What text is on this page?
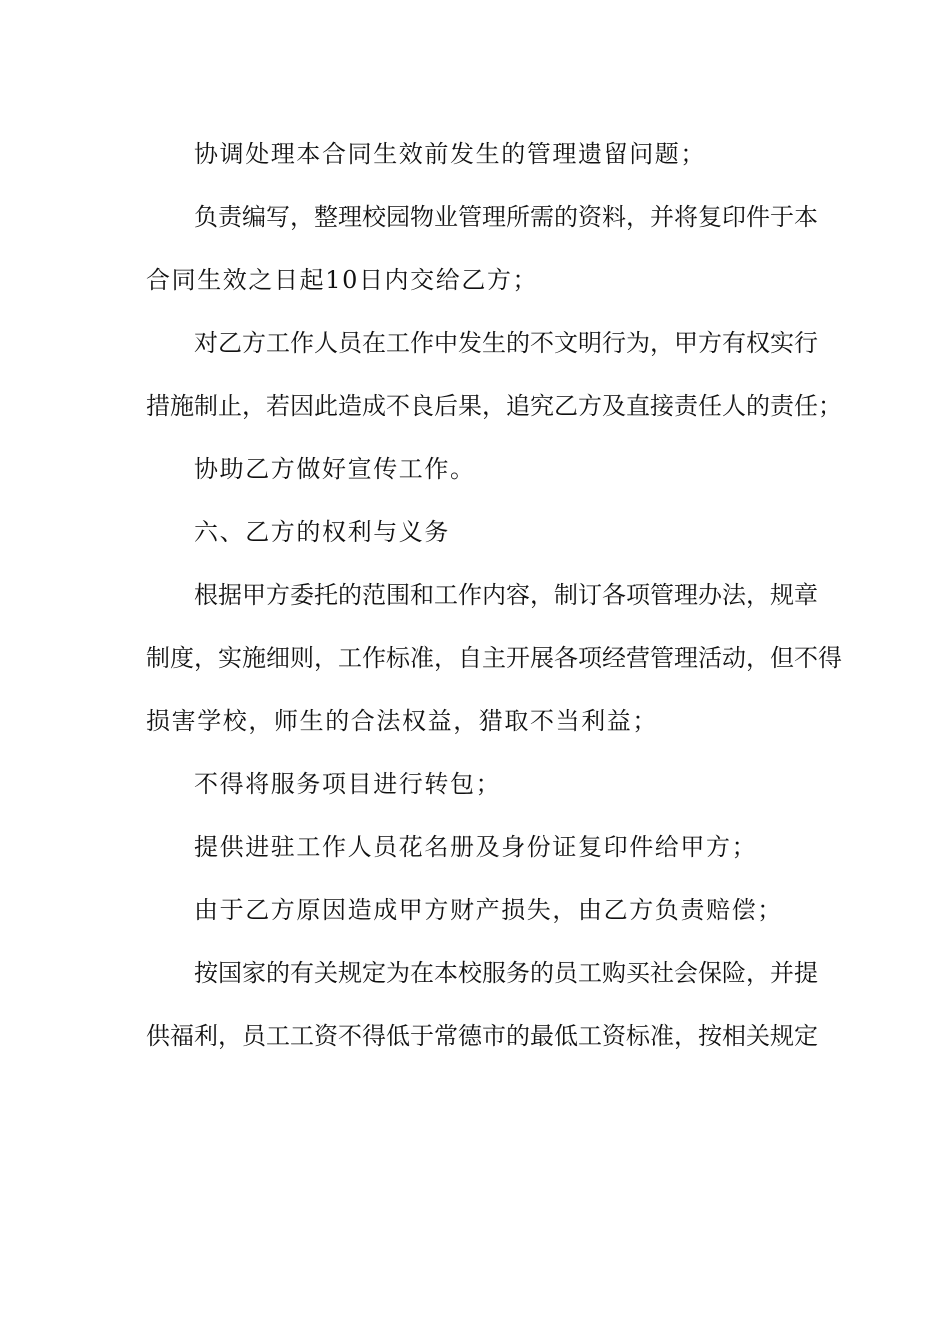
协调处理本合同生效前发生的管理遗留问题；
负责编写，整理校园物业管理所需的资料，并将复印件于本
合同生效之日起10日内交给乙方；
对乙方工作人员在工作中发生的不文明行为，甲方有权实行
措施制止，若因此造成不良后果，追究乙方及直接责任人的责任；
协助乙方做好宣传工作。
六、乙方的权利与义务
根据甲方委托的范围和工作内容，制订各项管理办法，规章
制度，实施细则，工作标准，自主开展各项经营管理活动，但不得
损害学校，师生的合法权益，猎取不当利益；
不得将服务项目进行转包；
提供进驻工作人员花名册及身份证复印件给甲方；
由于乙方原因造成甲方财产损失，由乙方负责赔偿；
按国家的有关规定为在本校服务的员工购买社会保险，并提
供福利，员工工资不得低于常德市的最低工资标准，按相关规定
